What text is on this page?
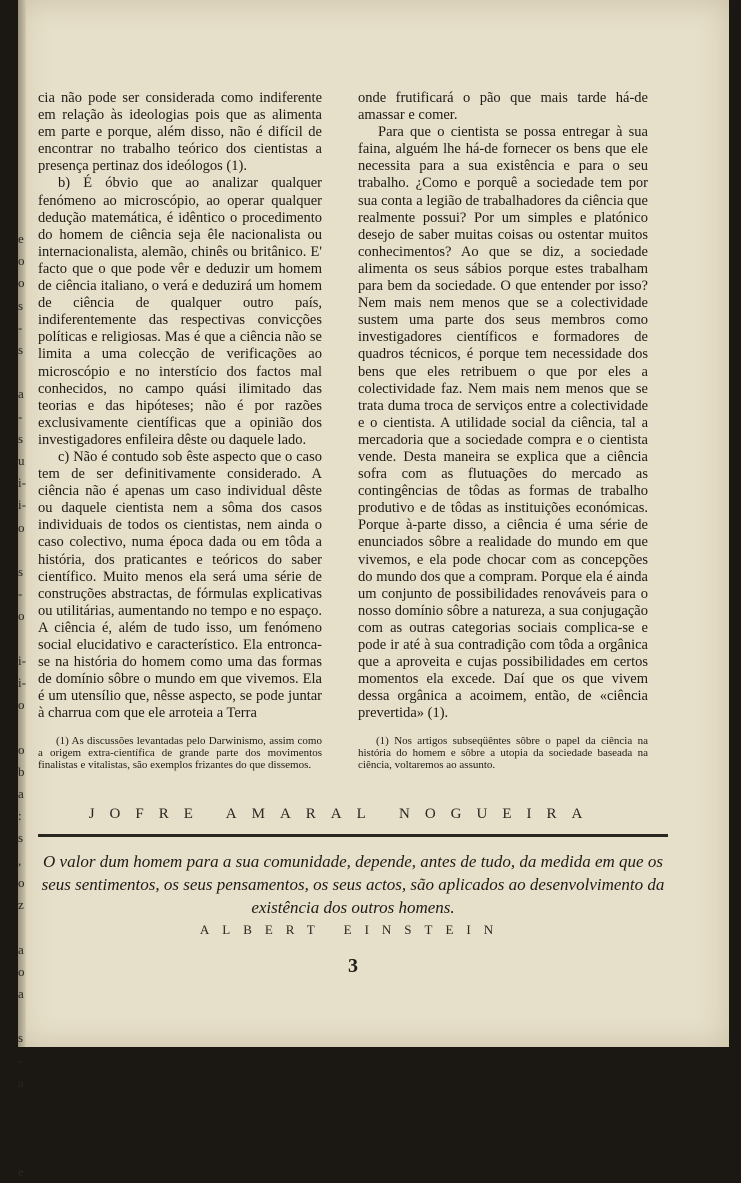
e
o
o
s
-
s

a
-
s
u
i-
i-
o

s
-
o

i-
i-
o

o
b
a
:
s
,
o
z

a
o
a

s
-
a

e

cia não pode ser considerada como indiferente em relação às ideologias pois que as alimenta em parte e porque, além disso, não é difícil de encontrar no trabalho teórico dos cientistas a presença pertinaz dos ideólogos (1).

b) É óbvio que ao analizar qualquer fenómeno ao microscópio, ao operar qualquer dedução matemática, é idêntico o procedimento do homem de ciência seja êle nacionalista ou internacionalista, alemão, chinês ou britânico. E' facto que o que pode vêr e deduzir um homem de ciência italiano, o verá e deduzirá um homem de ciência de qualquer outro país, indiferentemente das respectivas convicções políticas e religiosas. Mas é que a ciência não se limita a uma colecção de verificações ao microscópio e no interstício dos factos mal conhecidos, no campo quási ilimitado das teorias e das hipóteses; não é por razões exclusivamente científicas que a opinião dos investigadores enfileira dêste ou daquele lado.

c) Não é contudo sob êste aspecto que o caso tem de ser definitivamente considerado. A ciência não é apenas um caso individual dêste ou daquele cientista nem a sôma dos casos individuais de todos os cientistas, nem ainda o caso colectivo, numa época dada ou em tôda a história, dos praticantes e teóricos do saber científico. Muito menos ela será uma série de construções abstractas, de fórmulas explicativas ou utilitárias, aumentando no tempo e no espaço. A ciência é, além de tudo isso, um fenómeno social elucidativo e característico. Ela entronca-se na história do homem como uma das formas de domínio sôbre o mundo em que vivemos. Ela é um utensílio que, nêsse aspecto, se pode juntar à charrua com que ele arroteia a Terra

onde frutificará o pão que mais tarde há-de amassar e comer.

Para que o cientista se possa entregar à sua faina, alguém lhe há-de fornecer os bens que ele necessita para a sua existência e para o seu trabalho. ¿Como e porquê a sociedade tem por sua conta a legião de trabalhadores da ciência que realmente possui? Por um simples e platónico desejo de saber muitas coisas ou ostentar muitos conhecimentos? Ao que se diz, a sociedade alimenta os seus sábios porque estes trabalham para bem da sociedade. O que entender por isso? Nem mais nem menos que se a colectividade sustem uma parte dos seus membros como investigadores científicos e formadores de quadros técnicos, é porque tem necessidade dos bens que eles retribuem o que por eles a colectividade faz. Nem mais nem menos que se trata duma troca de serviços entre a colectividade e o cientista. A utilidade social da ciência, tal a mercadoria que a sociedade compra e o cientista vende. Desta maneira se explica que a ciência sofra com as flutuações do mercado as contingências de tôdas as formas de trabalho produtivo e de tôdas as instituições económicas. Porque à-parte disso, a ciência é uma série de enunciados sôbre a realidade do mundo em que vivemos, e ela pode chocar com as concepções do mundo dos que a compram. Porque ela é ainda um conjunto de possibilidades renováveis para o nosso domínio sôbre a natureza, a sua conjugação com as outras categorias sociais complica-se e pode ir até à sua contradição com tôda a orgânica que a aproveita e cujas possibilidades em certos momentos ela excede. Daí que os que vivem dessa orgânica a acoimem, então, de «ciência prevertida» (1).

(1) As discussões levantadas pelo Darwinismo, assim como a origem extra-científica de grande parte dos movimentos finalistas e vitalistas, são exemplos frizantes do que dissemos.

(1) Nos artigos subseqüêntes sôbre o papel da ciência na história do homem e sôbre a utopia da sociedade baseada na ciência, voltaremos ao assunto.

JOFRE AMARAL NOGUEIRA
O valor dum homem para a sua comunidade, depende, antes de tudo, da medida em que os seus sentimentos, os seus pensamentos, os seus actos, são aplicados ao desenvolvimento da existência dos outros homens.
ALBERT EINSTEIN
3
